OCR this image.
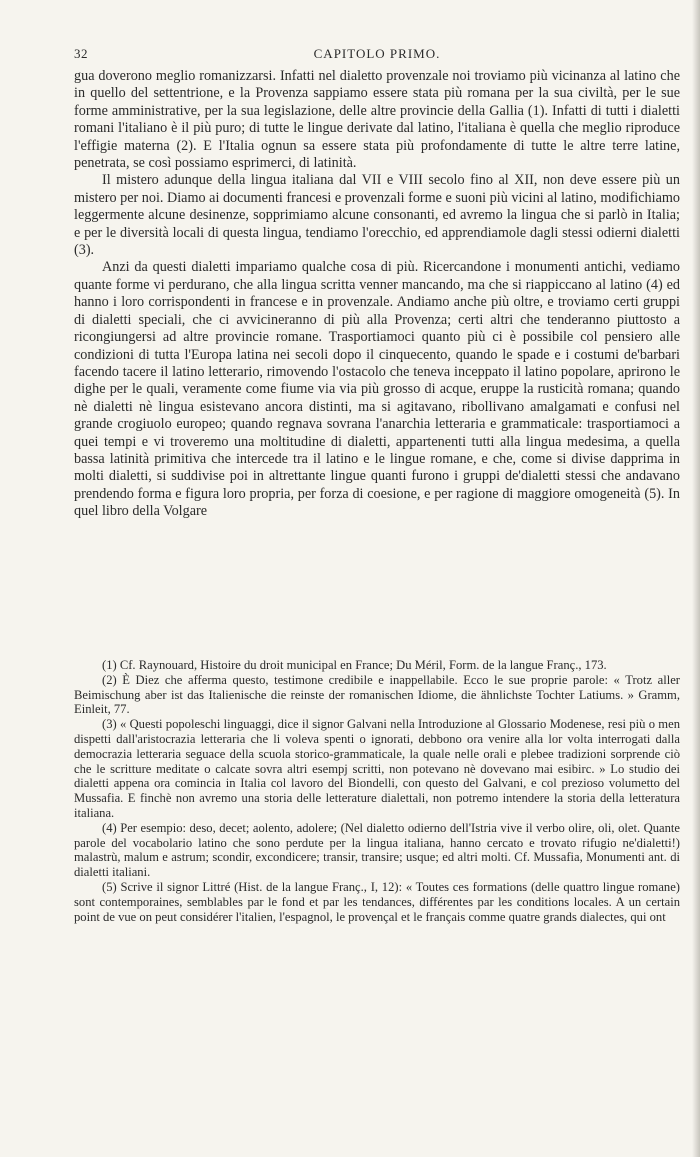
32	CAPITOLO PRIMO.

gua doverono meglio romanizzarsi. Infatti nel dialetto provenzale noi troviamo più vicinanza al latino che in quello del settentrione, e la Provenza sappiamo essere stata più romana per la sua civiltà, per le sue forme amministrative, per la sua legislazione, delle altre provincie della Gallia (1). Infatti di tutti i dialetti romani l'italiano è il più puro; di tutte le lingue derivate dal latino, l'italiana è quella che meglio riproduce l'effigie materna (2). E l'Italia ognun sa essere stata più profondamente di tutte le altre terre latine, penetrata, se così possiamo esprimerci, di latinità.

Il mistero adunque della lingua italiana dal VII e VIII secolo fino al XII, non deve essere più un mistero per noi. Diamo ai documenti francesi e provenzali forme e suoni più vicini al latino, modifichiamo leggermente alcune desinenze, sopprimiamo alcune consonanti, ed avremo la lingua che si parlò in Italia; e per le diversità locali di questa lingua, tendiamo l'orecchio, ed apprendiamole dagli stessi odierni dialetti (3).

Anzi da questi dialetti impariamo qualche cosa di più. Ricercandone i monumenti antichi, vediamo quante forme vi perdurano, che alla lingua scritta venner mancando, ma che si riappiccano al latino (4) ed hanno i loro corrispondenti in francese e in provenzale. Andiamo anche più oltre, e troviamo certi gruppi di dialetti speciali, che ci avvicineranno di più alla Provenza; certi altri che tenderanno piuttosto a ricongiungersi ad altre provincie romane. Trasportiamoci quanto più ci è possibile col pensiero alle condizioni di tutta l'Europa latina nei secoli dopo il cinquecento, quando le spade e i costumi de'barbari facendo tacere il latino letterario, rimovendo l'ostacolo che teneva inceppato il latino popolare, aprirono le dighe per le quali, veramente come fiume via via più grosso di acque, eruppe la rusticità romana; quando nè dialetti nè lingua esistevano ancora distinti, ma si agitavano, ribollivano amalgamati e confusi nel grande crogiuolo europeo; quando regnava sovrana l'anarchia letteraria e grammaticale: trasportiamoci a quei tempi e vi troveremo una moltitudine di dialetti, appartenenti tutti alla lingua medesima, a quella bassa latinità primitiva che intercede tra il latino e le lingue romane, e che, come si divise dapprima in molti dialetti, si suddivise poi in altrettante lingue quanti furono i gruppi de'dialetti stessi che andavano prendendo forma e figura loro propria, per forza di coesione, e per ragione di maggiore omogeneità (5). In quel libro della Volgare

(1) Cf. Raynouard, Histoire du droit municipal en France; Du Méril, Form. de la langue Franç., 173.

(2) È Diez che afferma questo, testimone credibile e inappellabile. Ecco le sue proprie parole: « Trotz aller Beimischung aber ist das Italienische die reinste der romanischen Idiome, die ähnlichste Tochter Latiums. » Gramm, Einleit, 77.

(3) « Questi popoleschi linguaggi, dice il signor Galvani nella Introduzione al Glossario Modenese, resi più o men dispetti dall'aristocrazia letteraria che li voleva spenti o ignorati, debbono ora venire alla lor volta interrogati dalla democrazia letteraria seguace della scuola storico-grammaticale, la quale nelle orali e plebee tradizioni sorprende ciò che le scritture meditate o calcate sovra altri esempj scritti, non potevano nè dovevano mai esibirc. » Lo studio dei dialetti appena ora comincia in Italia col lavoro del Biondelli, con questo del Galvani, e col prezioso volumetto del Mussafia. E finchè non avremo una storia delle letterature dialettali, non potremo intendere la storia della letteratura italiana.

(4) Per esempio: deso, decet; aolento, adolere; (Nel dialetto odierno dell'Istria vive il verbo olire, oli, olet. Quante parole del vocabolario latino che sono perdute per la lingua italiana, hanno cercato e trovato rifugio ne'dialetti!) malastrù, malum e astrum; scondir, excondicere; transir, transire; usque; ed altri molti. Cf. Mussafia, Monumenti ant. di dialetti italiani.

(5) Scrive il signor Littré (Hist. de la langue Franç., I, 12): « Toutes ces formations (delle quattro lingue romane) sont contemporaines, semblables par le fond et par les tendances, différentes par les conditions locales. A un certain point de vue on peut considérer l'italien, l'espagnol, le provençal et le français comme quatre grands dialectes, qui ont
